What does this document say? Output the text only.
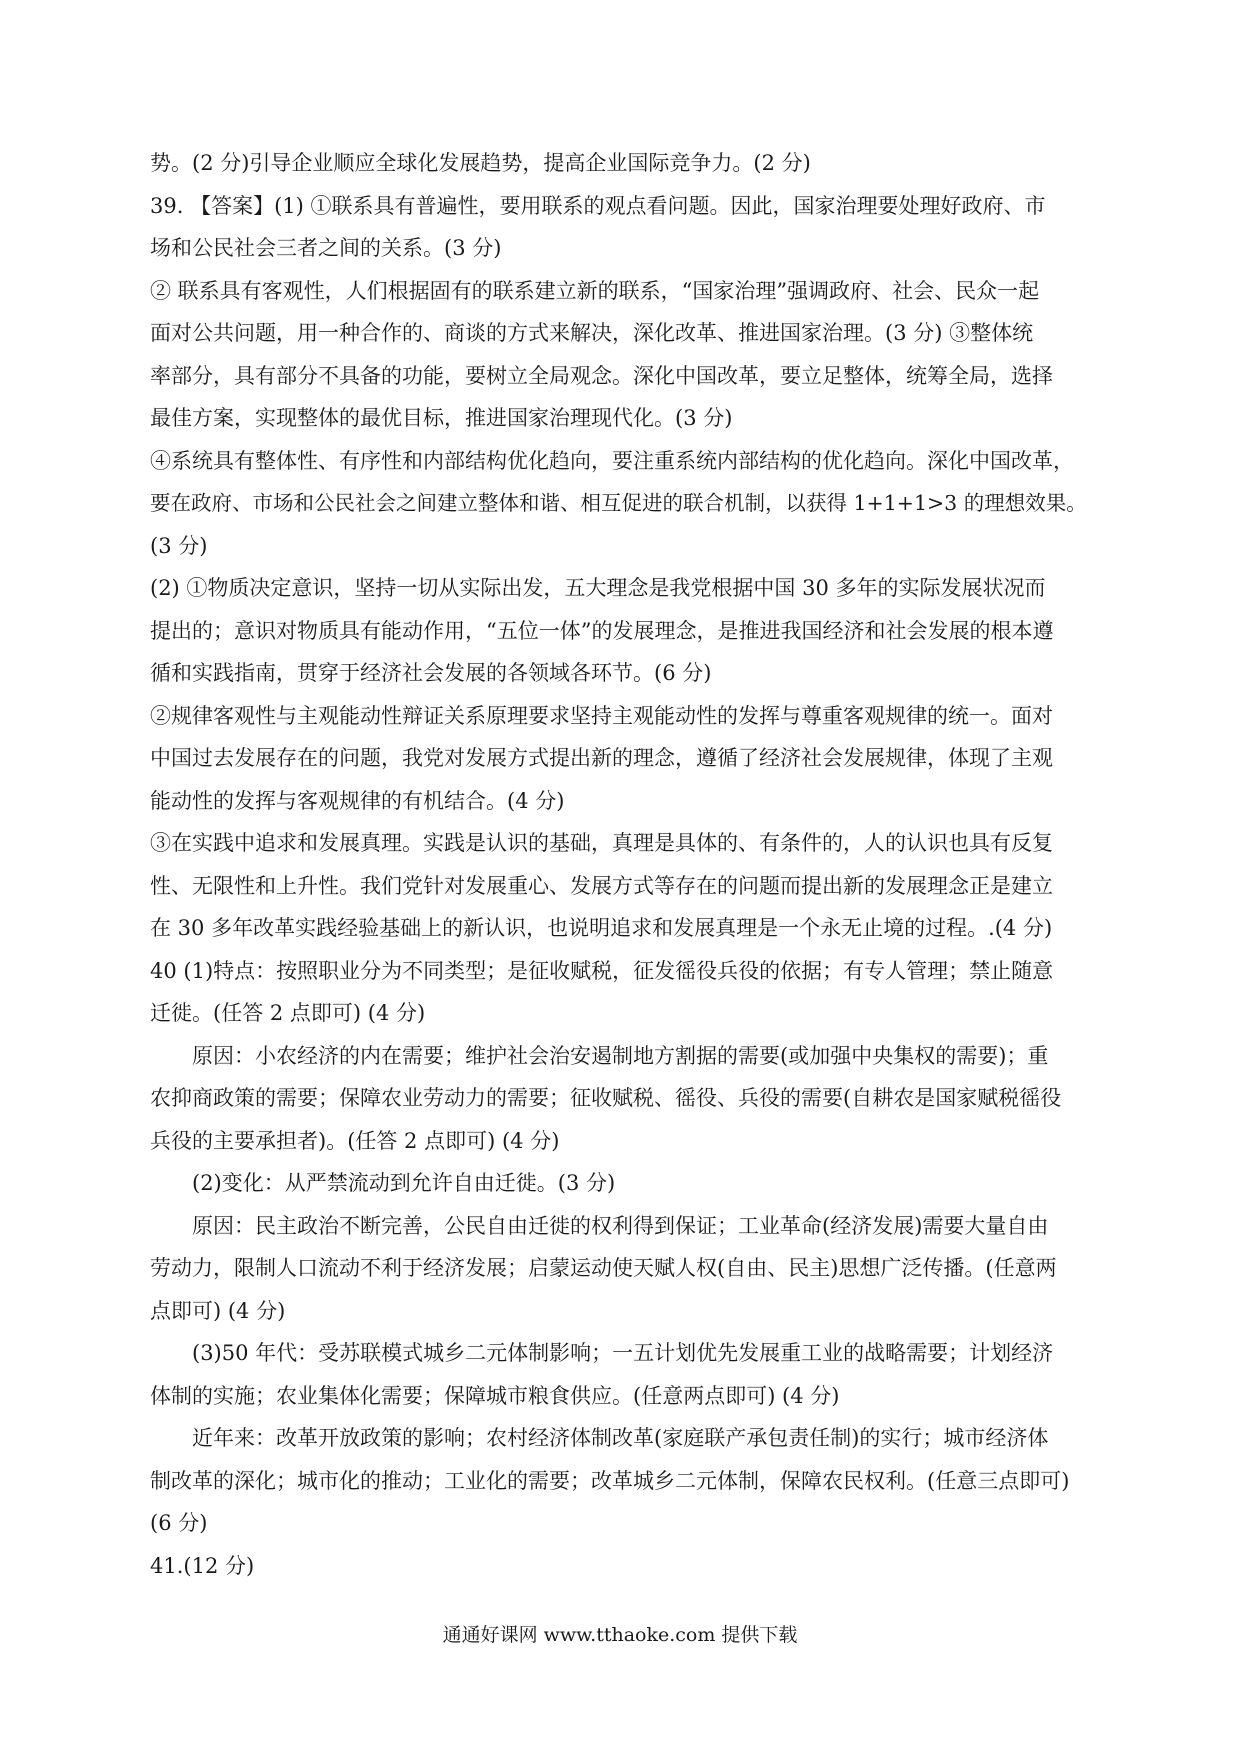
势。(2 分)引导企业顺应全球化发展趋势，提高企业国际竞争力。(2 分)

39. 【答案】(1) ①联系具有普遍性，要用联系的观点看问题。因此，国家治理要处理好政府、市

场和公民社会三者之间的关系。(3 分)

② 联系具有客观性，人们根据固有的联系建立新的联系，“国家治理”强调政府、社会、民众一起

面对公共问题，用一种合作的、商谈的方式来解决，深化改革、推进国家治理。(3 分) ③整体统

率部分，具有部分不具备的功能，要树立全局观念。深化中国改革，要立足整体，统筹全局，选择

最佳方案，实现整体的最优目标，推进国家治理现代化。(3 分)

④系统具有整体性、有序性和内部结构优化趋向，要注重系统内部结构的优化趋向。深化中国改革，

要在政府、市场和公民社会之间建立整体和谐、相互促进的联合机制，以获得 1+1+1>3 的理想效果。

(3 分)

(2) ①物质决定意识，坚持一切从实际出发，五大理念是我党根据中国 30 多年的实际发展状况而

提出的；意识对物质具有能动作用，“五位一体”的发展理念，是推进我国经济和社会发展的根本遵

循和实践指南，贯穿于经济社会发展的各领域各环节。(6 分)

②规律客观性与主观能动性辩证关系原理要求坚持主观能动性的发挥与尊重客观规律的统一。面对

中国过去发展存在的问题，我党对发展方式提出新的理念，遵循了经济社会发展规律，体现了主观

能动性的发挥与客观规律的有机结合。(4 分)

③在实践中追求和发展真理。实践是认识的基础，真理是具体的、有条件的，人的认识也具有反复

性、无限性和上升性。我们党针对发展重心、发展方式等存在的问题而提出新的发展理念正是建立

在 30 多年改革实践经验基础上的新认识，也说明追求和发展真理是一个永无止境的过程。.(4 分)

40 (1)特点：按照职业分为不同类型；是征收赋税，征发徭役兵役的依据；有专人管理；禁止随意

迁徙。(任答 2 点即可) (4 分)

原因：小农经济的内在需要；维护社会治安遏制地方割据的需要(或加强中央集权的需要)；重

农抑商政策的需要；保障农业劳动力的需要；征收赋税、徭役、兵役的需要(自耕农是国家赋税徭役

兵役的主要承担者)。(任答 2 点即可) (4 分)

(2)变化：从严禁流动到允许自由迁徙。(3 分)

原因：民主政治不断完善，公民自由迁徙的权利得到保证；工业革命(经济发展)需要大量自由

劳动力，限制人口流动不利于经济发展；启蒙运动使天赋人权(自由、民主)思想广泛传播。(任意两

点即可) (4 分)

(3)50 年代：受苏联模式城乡二元体制影响；一五计划优先发展重工业的战略需要；计划经济

体制的实施；农业集体化需要；保障城市粮食供应。(任意两点即可) (4 分)

近年来：改革开放政策的影响；农村经济体制改革(家庭联产承包责任制)的实行；城市经济体

制改革的深化；城市化的推动；工业化的需要；改革城乡二元体制，保障农民权利。(任意三点即可)

(6 分)

41.(12 分)

通通好课网 www.tthaoke.com 提供下载
